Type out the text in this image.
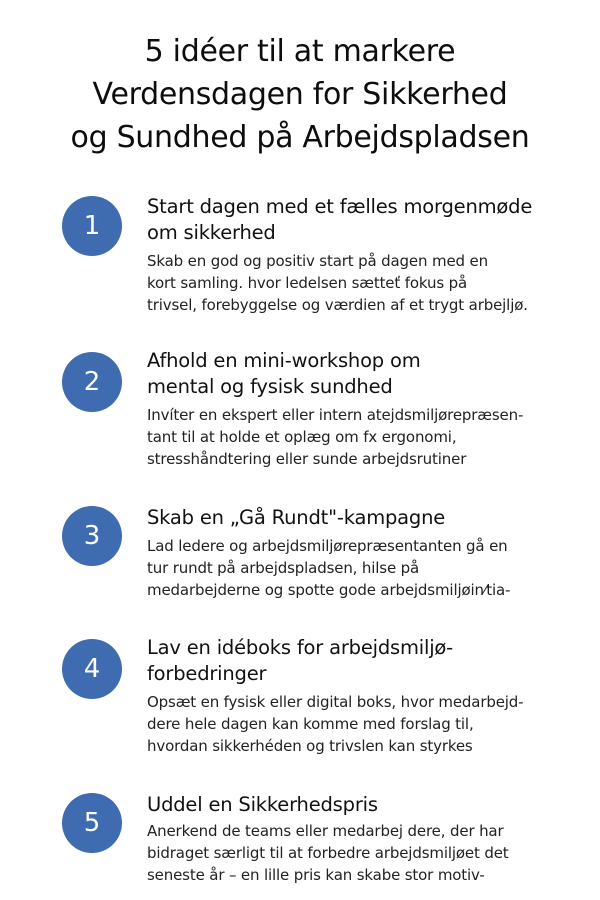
5 idéer til at markere
Verdensdagen for Sikkerhed
og Sundhed på Arbejdspladsen
1
Start dagen med et fælles morgenmøde
om sikkerhed
Skab en god og positiv start på dagen med en
kort samling. hvor ledelsen sætteť fokus på
trivsel, forebyggelse og værdien af et trygt arbejljø.
2
Afhold en mini-workshop om
mental og fysisk sundhed
Invíter en ekspert eller intern atejdsmiljørepræsen-
tant til at holde et oplæg om fx ergonomi,
stresshåndtering eller sunde arbejdsrutiner
3
Skab en „Gå Rundt"-kampagne
Lad ledere og arbejdsmiljørepræsentanten gå en
tur rundt på arbejdspladsen, hilse på
medarbejderne og spotte gode arbejdsmiljøin⁄tia-
4
Lav en idéboks for arbejdsmiljø-
forbedringer
Opsæt en fysisk eller digital boks, hvor medarbejd-
dere hele dagen kan komme med forslag til,
hvordan sikkerhéden og trivslen kan styrkes
5
Uddel en Sikkerhedspris
Anerkend de teams eller medarbej dere, der har
bidraget særligt til at forbedre arbejdsmiljøet det
seneste år – en lille pris kan skabe stor motiv-
